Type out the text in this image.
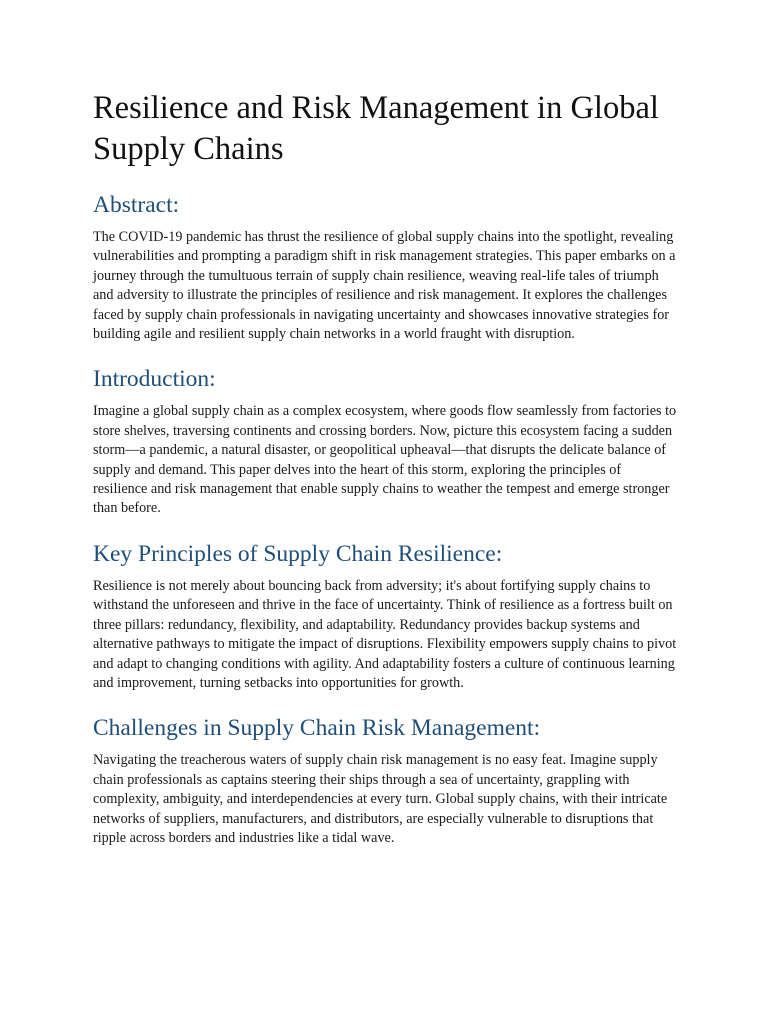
Resilience and Risk Management in Global Supply Chains
Abstract:

The COVID-19 pandemic has thrust the resilience of global supply chains into the spotlight, revealing vulnerabilities and prompting a paradigm shift in risk management strategies. This paper embarks on a journey through the tumultuous terrain of supply chain resilience, weaving real-life tales of triumph and adversity to illustrate the principles of resilience and risk management. It explores the challenges faced by supply chain professionals in navigating uncertainty and showcases innovative strategies for building agile and resilient supply chain networks in a world fraught with disruption.

Introduction:

Imagine a global supply chain as a complex ecosystem, where goods flow seamlessly from factories to store shelves, traversing continents and crossing borders. Now, picture this ecosystem facing a sudden storm—a pandemic, a natural disaster, or geopolitical upheaval—that disrupts the delicate balance of supply and demand. This paper delves into the heart of this storm, exploring the principles of resilience and risk management that enable supply chains to weather the tempest and emerge stronger than before.

Key Principles of Supply Chain Resilience:

Resilience is not merely about bouncing back from adversity; it's about fortifying supply chains to withstand the unforeseen and thrive in the face of uncertainty. Think of resilience as a fortress built on three pillars: redundancy, flexibility, and adaptability. Redundancy provides backup systems and alternative pathways to mitigate the impact of disruptions. Flexibility empowers supply chains to pivot and adapt to changing conditions with agility. And adaptability fosters a culture of continuous learning and improvement, turning setbacks into opportunities for growth.

Challenges in Supply Chain Risk Management:

Navigating the treacherous waters of supply chain risk management is no easy feat. Imagine supply chain professionals as captains steering their ships through a sea of uncertainty, grappling with complexity, ambiguity, and interdependencies at every turn. Global supply chains, with their intricate networks of suppliers, manufacturers, and distributors, are especially vulnerable to disruptions that ripple across borders and industries like a tidal wave.
